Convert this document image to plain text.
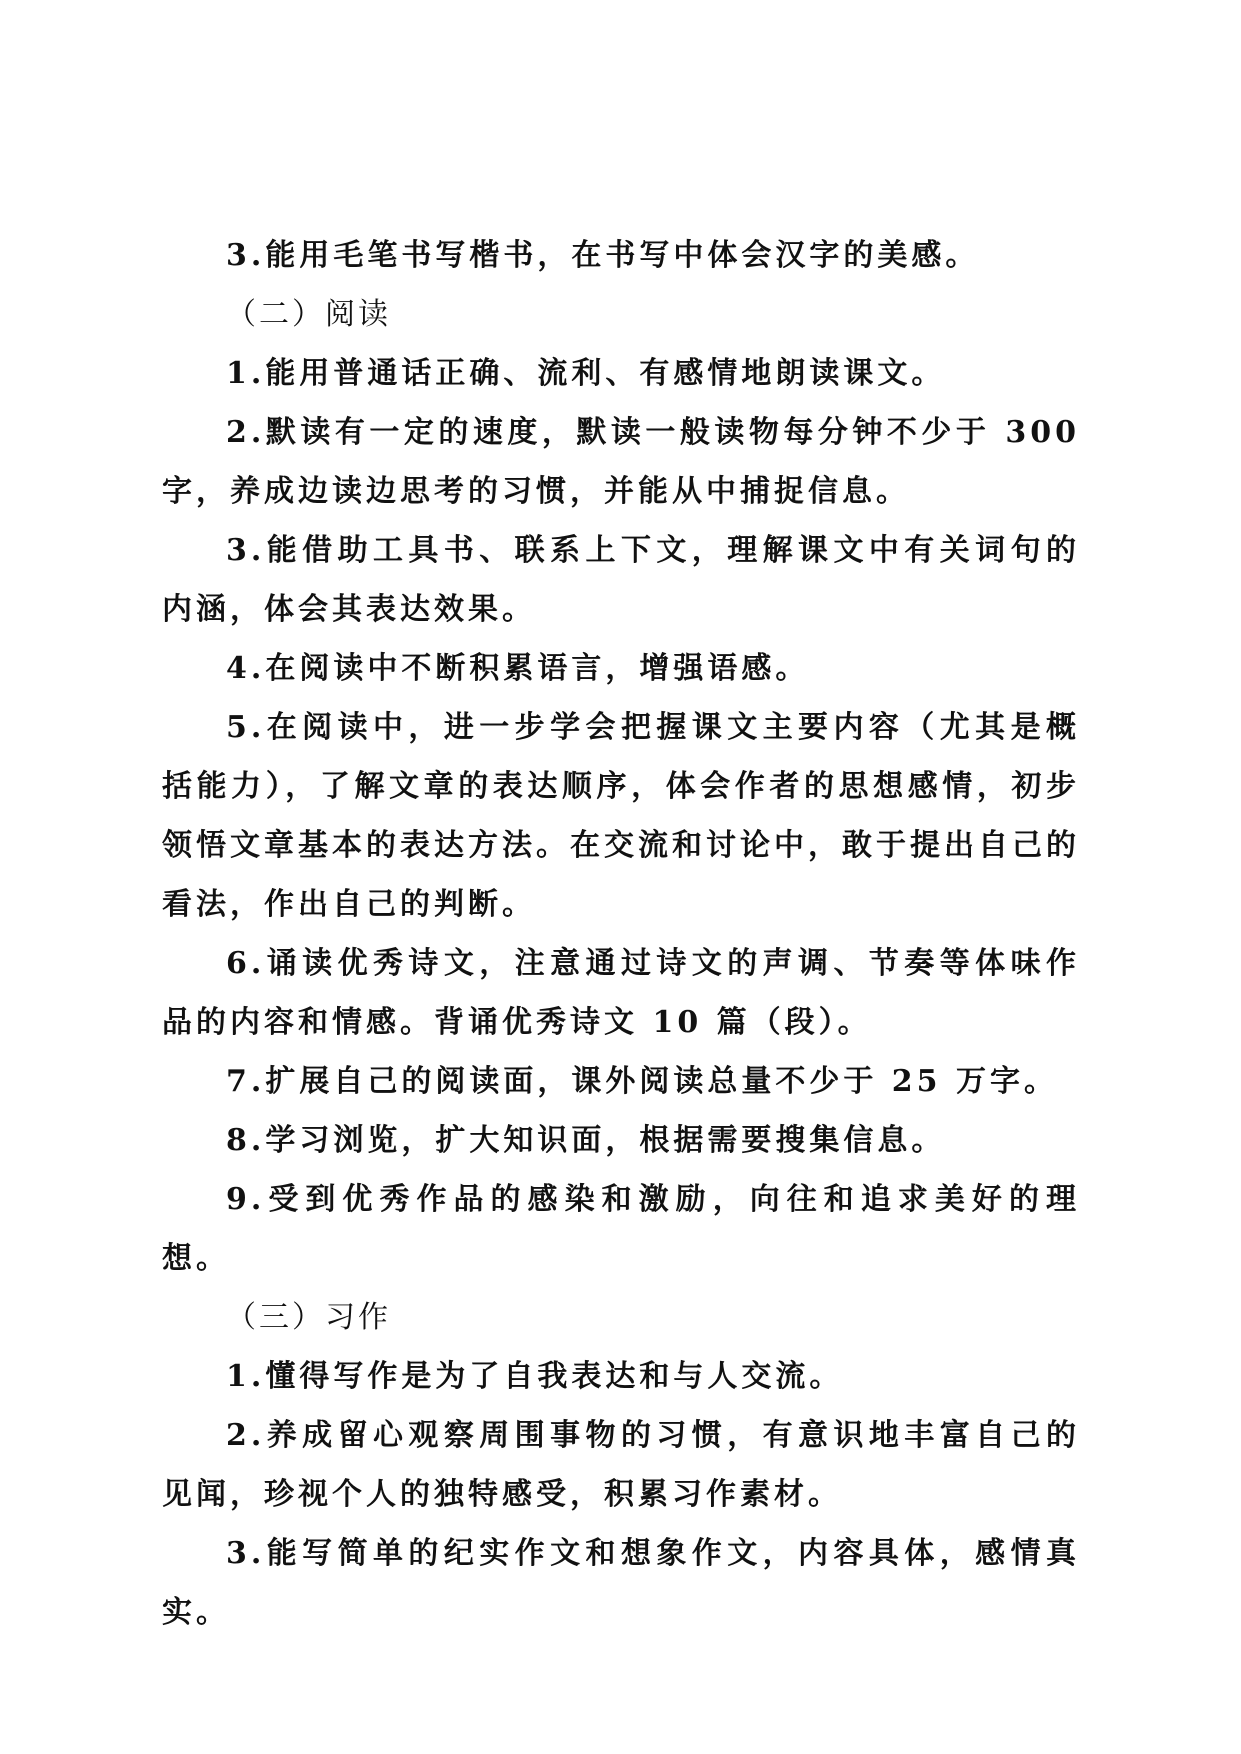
3.能用毛笔书写楷书，在书写中体会汉字的美感。

（二）阅读

1.能用普通话正确、流利、有感情地朗读课文。

2.默读有一定的速度，默读一般读物每分钟不少于 300 字，养成边读边思考的习惯，并能从中捕捉信息。

3.能借助工具书、联系上下文，理解课文中有关词句的内涵，体会其表达效果。

4.在阅读中不断积累语言，增强语感。

5.在阅读中，进一步学会把握课文主要内容（尤其是概括能力），了解文章的表达顺序，体会作者的思想感情，初步领悟文章基本的表达方法。在交流和讨论中，敢于提出自己的看法，作出自己的判断。

6.诵读优秀诗文，注意通过诗文的声调、节奏等体味作品的内容和情感。背诵优秀诗文 10 篇（段）。

7.扩展自己的阅读面，课外阅读总量不少于 25 万字。

8.学习浏览，扩大知识面，根据需要搜集信息。

9.受到优秀作品的感染和激励，向往和追求美好的理想。

（三）习作

1.懂得写作是为了自我表达和与人交流。

2.养成留心观察周围事物的习惯，有意识地丰富自己的见闻，珍视个人的独特感受，积累习作素材。

3.能写简单的纪实作文和想象作文，内容具体，感情真实。
